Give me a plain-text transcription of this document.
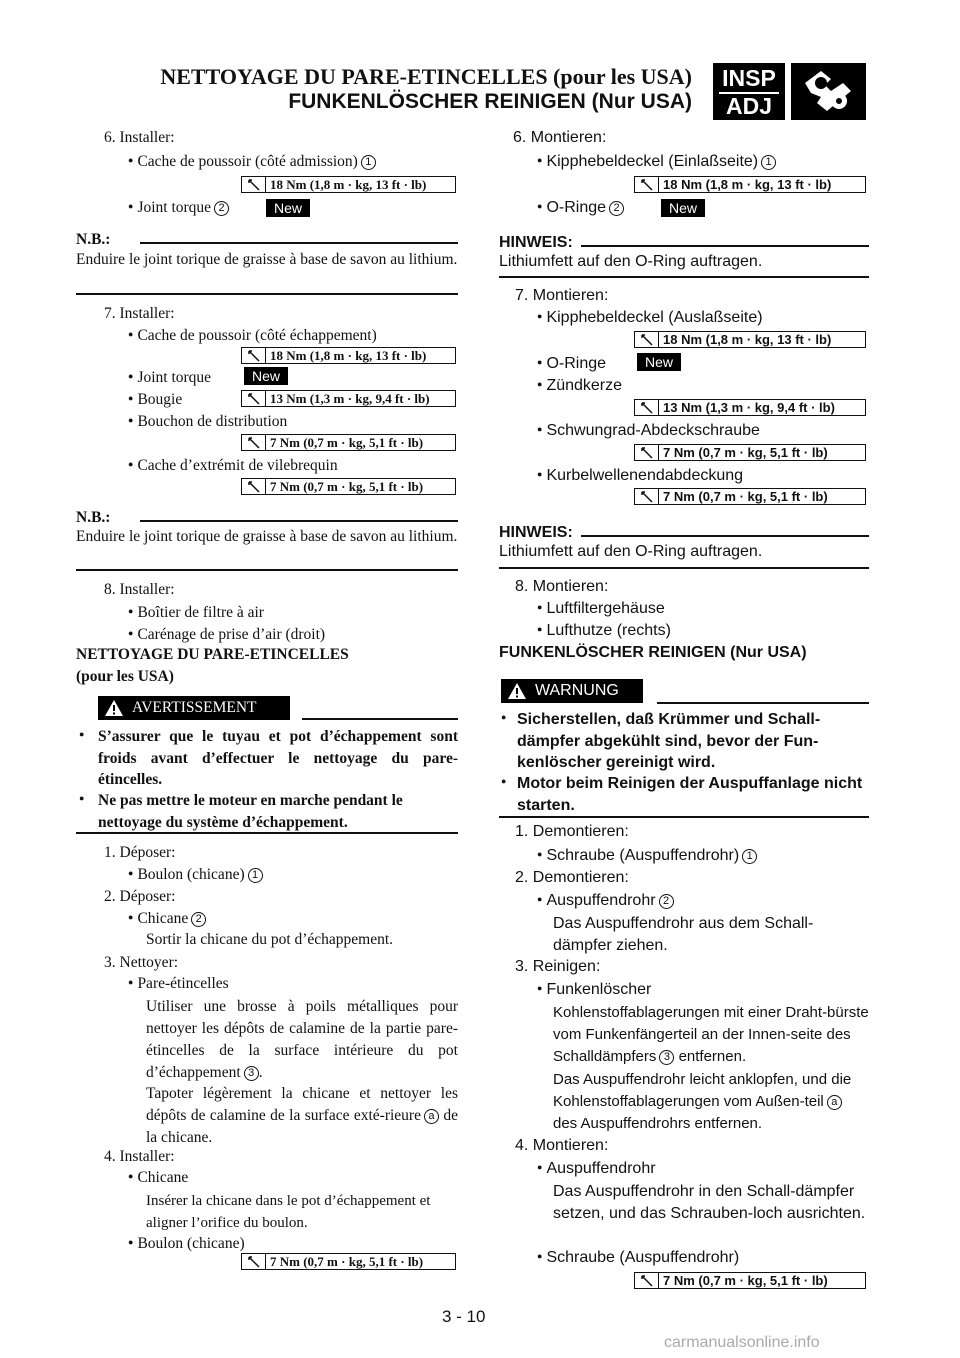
NETTOYAGE DU PARE-ETINCELLES (pour les USA)
FUNKENLÖSCHER REINIGEN (Nur USA)
INSP
ADJ
6. Installer:
● Cache de poussoir (côté admission) 1
18 Nm (1,8 m · kg, 13 ft · lb)
● Joint torque 2	New
N.B.:
Enduire le joint torique de graisse à base de savon au lithium.
7. Installer:
● Cache de poussoir (côté échappement)
18 Nm (1,8 m · kg, 13 ft · lb)
● Joint torque	New
● Bougie	13 Nm (1,3 m · kg, 9,4 ft · lb)
● Bouchon de distribution
7 Nm (0,7 m · kg, 5,1 ft · lb)
● Cache d’extrémit de vilebrequin
7 Nm (0,7 m · kg, 5,1 ft · lb)
N.B.:
Enduire le joint torique de graisse à base de savon au lithium.
8. Installer:
● Boîtier de filtre à air
● Carénage de prise d’air (droit)
NETTOYAGE DU PARE-ETINCELLES
(pour les USA)
AVERTISSEMENT
● S’assurer que le tuyau et pot d’échappement sont froids avant d’effectuer le nettoyage du pare-étincelles.
● Ne pas mettre le moteur en marche pendant le nettoyage du système d’échappement.
1. Déposer:
● Boulon (chicane) 1
2. Déposer:
● Chicane 2
Sortir la chicane du pot d’échappement.
3. Nettoyer:
● Pare-étincelles
Utiliser une brosse à poils métalliques pour nettoyer les dépôts de calamine de la partie pare-étincelles de la surface intérieure du pot d’échappement 3 .
Tapoter légèrement la chicane et nettoyer les dépôts de calamine de la surface exté-rieure a de la chicane.
4. Installer:
● Chicane
Insérer la chicane dans le pot d’échappement et aligner l’orifice du boulon.
● Boulon (chicane)
7 Nm (0,7 m · kg, 5,1 ft · lb)
6. Montieren:
● Kipphebeldeckel (Einlaßseite) 1
18 Nm (1,8 m · kg, 13 ft · lb)
● O-Ringe 2	New
HINWEIS:
Lithiumfett auf den O-Ring auftragen.
7. Montieren:
● Kipphebeldeckel (Auslaßseite)
18 Nm (1,8 m · kg, 13 ft · lb)
● O-Ringe	New
● Zündkerze
13 Nm (1,3 m · kg, 9,4 ft · lb)
● Schwungrad-Abdeckschraube
7 Nm (0,7 m · kg, 5,1 ft · lb)
● Kurbelwellenendabdeckung
7 Nm (0,7 m · kg, 5,1 ft · lb)
HINWEIS:
Lithiumfett auf den O-Ring auftragen.
8. Montieren:
● Luftfiltergehäuse
● Lufthutze (rechts)
FUNKENLÖSCHER REINIGEN (Nur USA)
WARNUNG
● Sicherstellen, daß Krümmer und Schall-dämpfer abgekühlt sind, bevor der Fun-kenlöscher gereinigt wird.
● Motor beim Reinigen der Auspuffanlage nicht starten.
1. Demontieren:
● Schraube (Auspuffendrohr) 1
2. Demontieren:
● Auspuffendrohr 2
Das Auspuffendrohr aus dem Schall-dämpfer ziehen.
3. Reinigen:
● Funkenlöscher
Kohlenstoffablagerungen mit einer Draht-bürste vom Funkenfängerteil an der Innen-seite des Schalldämpfers 3 entfernen.
Das Auspuffendrohr leicht anklopfen, und die Kohlenstoffablagerungen vom Außen-teil a des Auspuffendrohrs entfernen.
4. Montieren:
● Auspuffendrohr
Das Auspuffendrohr in den Schall-dämpfer setzen, und das Schrauben-loch ausrichten.
● Schraube (Auspuffendrohr)
7 Nm (0,7 m · kg, 5,1 ft · lb)
3 - 10
carmanualsonline.info
